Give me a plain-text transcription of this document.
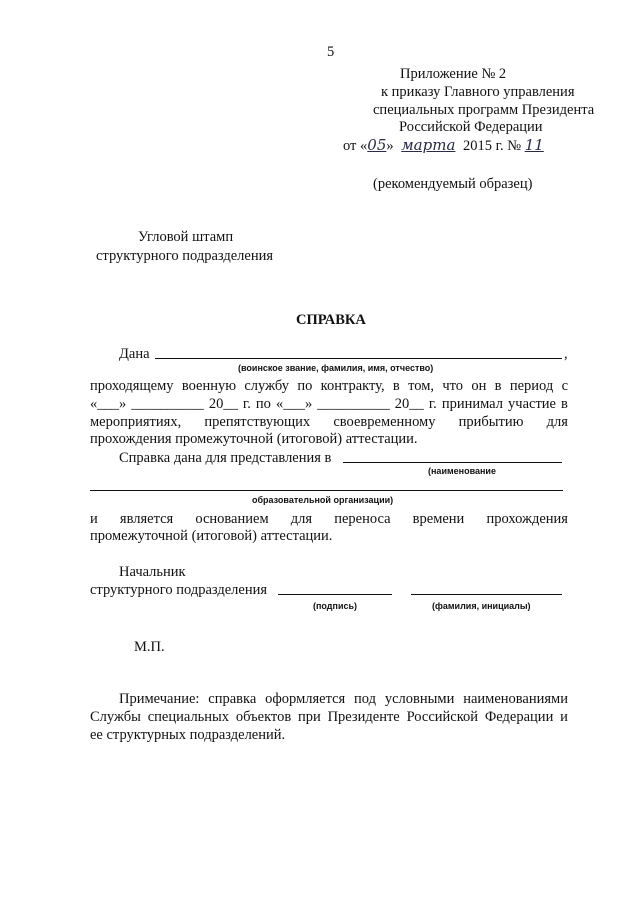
5
Приложение № 2
к приказу Главного управления
специальных программ Президента
Российской Федерации
от «05» марта 2015 г. № 11
(рекомендуемый образец)
Угловой штамп
структурного подразделения
СПРАВКА
Дана	,
(воинское звание, фамилия, имя, отчество)
проходящему военную службу по контракту, в том, что он в период с
«___» __________ 20__ г. по «___» __________ 20__ г. принимал участие в
мероприятиях, препятствующих своевременному прибытию для
прохождения промежуточной (итоговой) аттестации.
Справка дана для представления в
(наименование
образовательной организации)
и является основанием для переноса времени прохождения
промежуточной (итоговой) аттестации.
Начальник
структурного подразделения
(подпись)	(фамилия, инициалы)
М.П.
Примечание: справка оформляется под условными наименованиями
Службы специальных объектов при Президенте Российской Федерации и
ее структурных подразделений.
